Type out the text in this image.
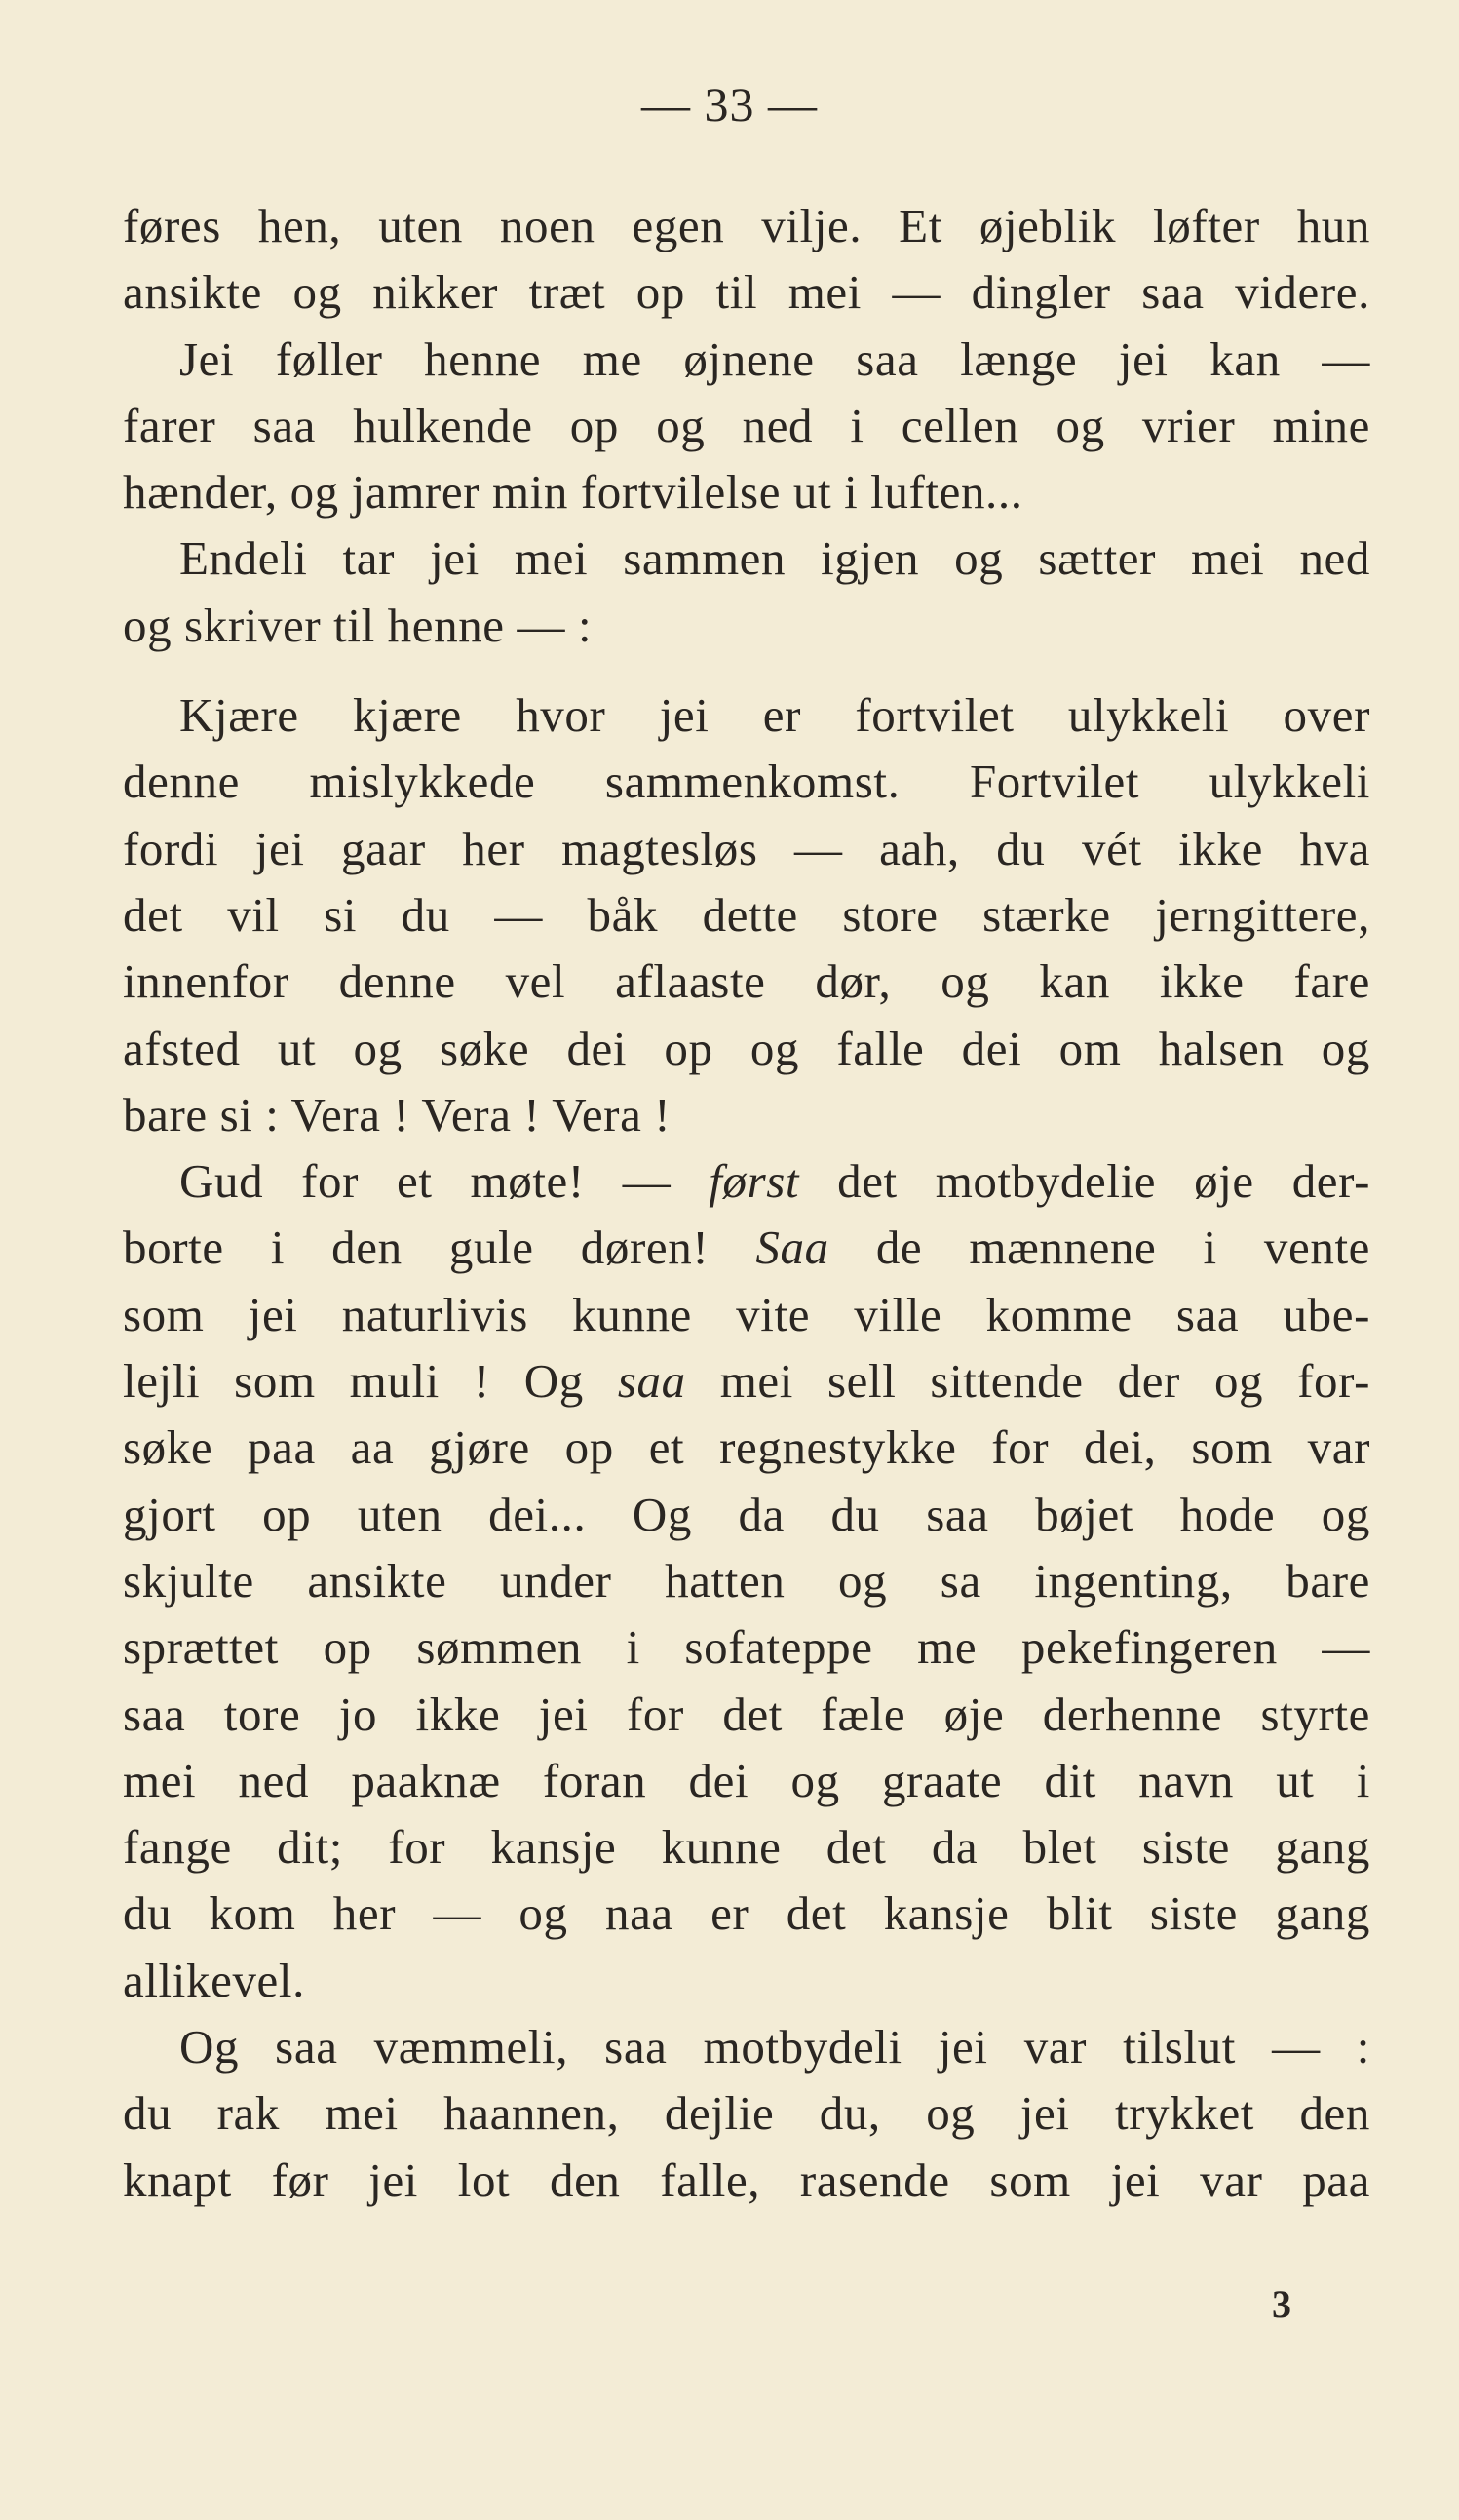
— 33 —
føres hen, uten noen egen vilje. Et øjeblik løfter hun
ansikte og nikker træt op til mei — dingler saa videre.
Jei føller henne me øjnene saa længe jei kan —
farer saa hulkende op og ned i cellen og vrier mine
hænder, og jamrer min fortvilelse ut i luften...
Endeli tar jei mei sammen igjen og sætter mei ned
og skriver til henne — :
Kjære kjære hvor jei er fortvilet ulykkeli over
denne mislykkede sammenkomst. Fortvilet ulykkeli
fordi jei gaar her magtesløs — aah, du vét ikke hva
det vil si du — båk dette store stærke jerngittere,
innenfor denne vel aflaaste dør, og kan ikke fare
afsted ut og søke dei op og falle dei om halsen og
bare si : Vera ! Vera ! Vera !
Gud for et møte! — først det motbydelie øje der-
borte i den gule døren! Saa de mænnene i vente
som jei naturlivis kunne vite ville komme saa ube-
lejli som muli ! Og saa mei sell sittende der og for-
søke paa aa gjøre op et regnestykke for dei, som var
gjort op uten dei... Og da du saa bøjet hode og
skjulte ansikte under hatten og sa ingenting, bare
sprættet op sømmen i sofateppe me pekefingeren —
saa tore jo ikke jei for det fæle øje derhenne styrte
mei ned paaknæ foran dei og graate dit navn ut i
fange dit; for kansje kunne det da blet siste gang
du kom her — og naa er det kansje blit siste gang
allikevel.
Og saa væmmeli, saa motbydeli jei var tilslut — :
du rak mei haannen, dejlie du, og jei trykket den
knapt før jei lot den falle, rasende som jei var paa
3
